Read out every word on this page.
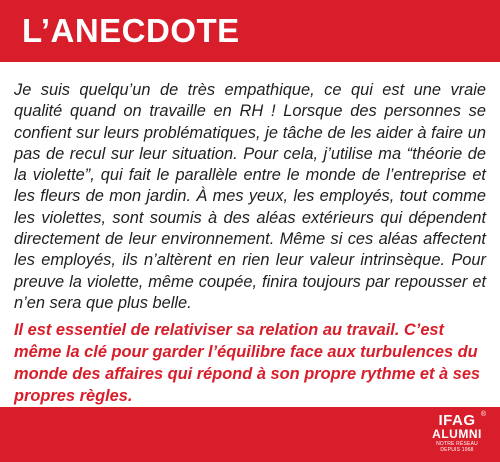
L’ANECDOTE

Je suis quelqu’un de très empathique, ce qui est une vraie qualité quand on travaille en RH ! Lorsque des personnes se confient sur leurs problématiques, je tâche de les aider à faire un pas de recul sur leur situation. Pour cela, j’utilise ma “théorie de la violette”, qui fait le parallèle entre le monde de l’entreprise et les fleurs de mon jardin. À mes yeux, les employés, tout comme les violettes, sont soumis à des aléas extérieurs qui dépendent directement de leur environnement. Même si ces aléas affectent les employés, ils n’altèrent en rien leur valeur intrinsèque. Pour preuve la violette, même coupée, finira toujours par repousser et n’en sera que plus belle.

Il est essentiel de relativiser sa relation au travail. C’est même la clé pour garder l’équilibre face aux turbulences du monde des affaires qui répond à son propre rythme et à ses propres règles.

IFAG ®
ALUMNI
NOTRE RÉSEAU
DEPUIS 1968
